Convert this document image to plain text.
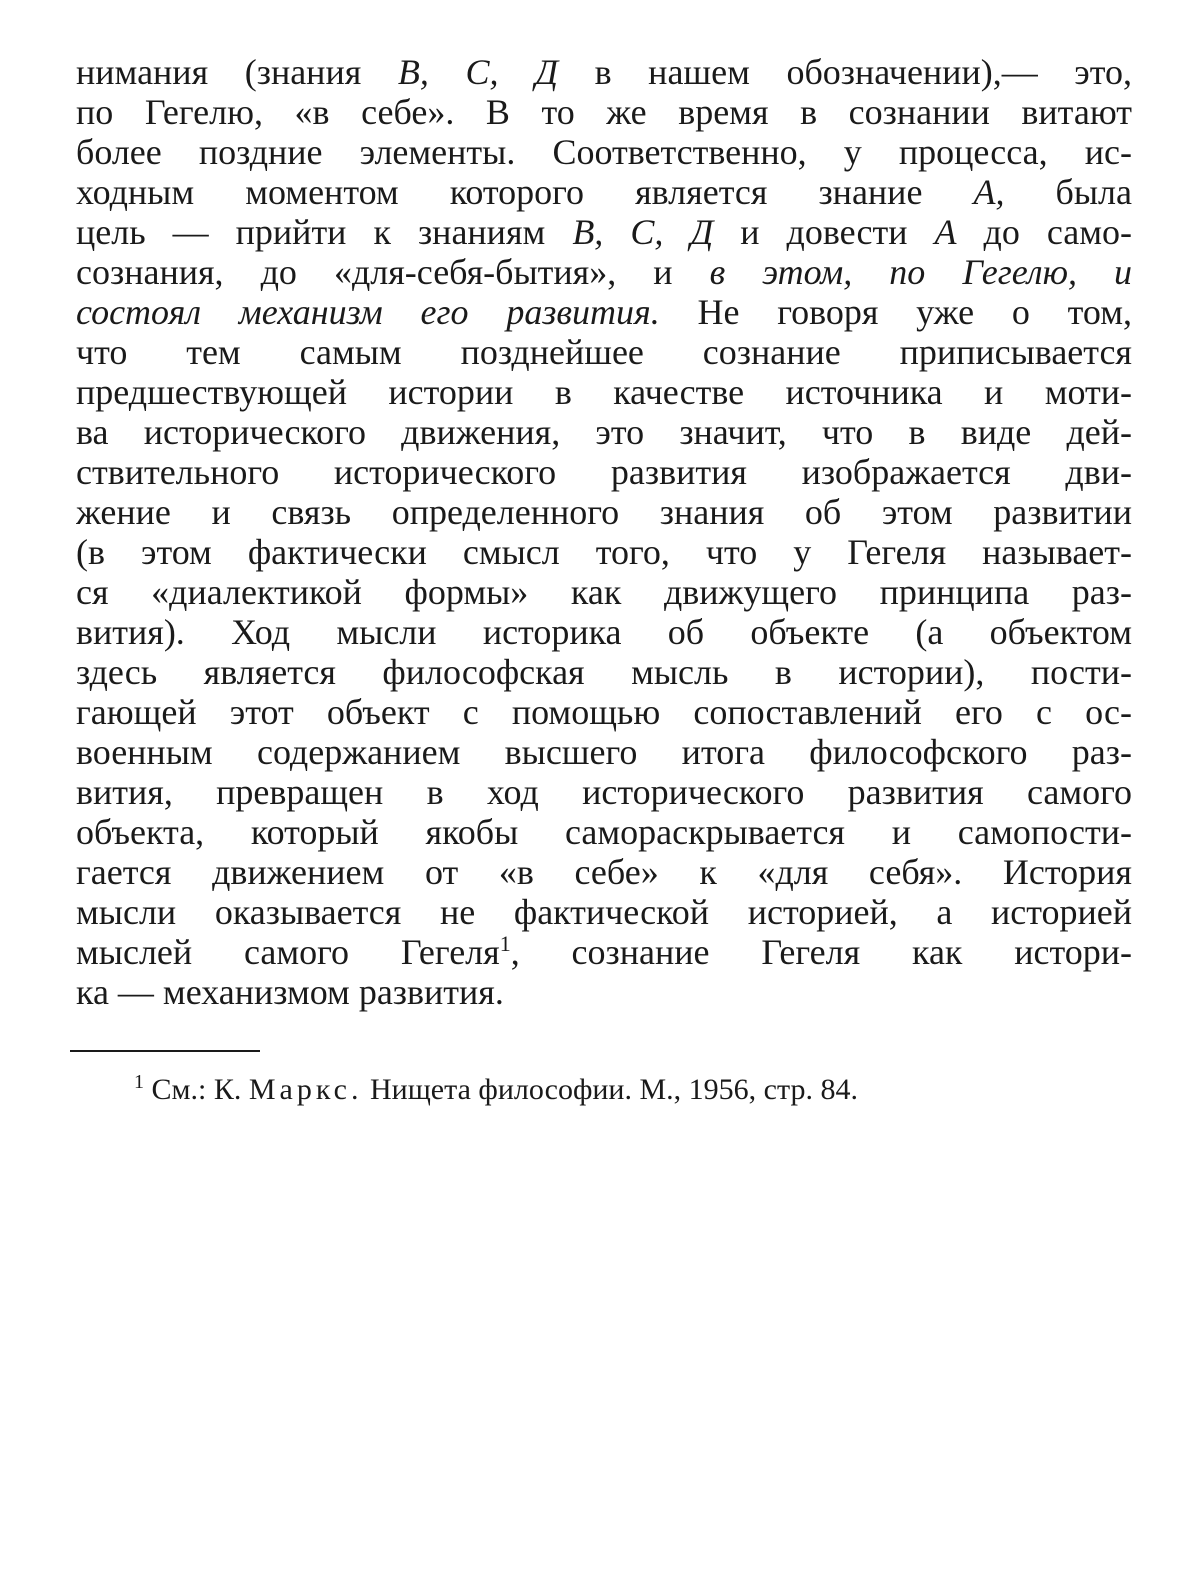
нимания (знания В, С, Д в нашем обозначении),— это,
по Гегелю, «в себе». В то же время в сознании витают
более поздние элементы. Соответственно, у процесса, ис-
ходным моментом которого является знание А, была
цель — прийти к знаниям В, С, Д и довести А до само-
сознания, до «для-себя-бытия», и в этом, по Гегелю, и
состоял механизм его развития. Не говоря уже о том,
что тем самым позднейшее сознание приписывается
предшествующей истории в качестве источника и моти-
ва исторического движения, это значит, что в виде дей-
ствительного исторического развития изображается дви-
жение и связь определенного знания об этом развитии
(в этом фактически смысл того, что у Гегеля называет-
ся «диалектикой формы» как движущего принципа раз-
вития). Ход мысли историка об объекте (а объектом
здесь является философская мысль в истории), пости-
гающей этот объект с помощью сопоставлений его с ос-
военным содержанием высшего итога философского раз-
вития, превращен в ход исторического развития самого
объекта, который якобы самораскрывается и самопости-
гается движением от «в себе» к «для себя». История
мысли оказывается не фактической историей, а историей
мыслей самого Гегеля$^1$, сознание Гегеля как истори-
ка — механизмом развития.
$^1$ См.: К. Маркс. Нищета философии. М., 1956, стр. 84.
